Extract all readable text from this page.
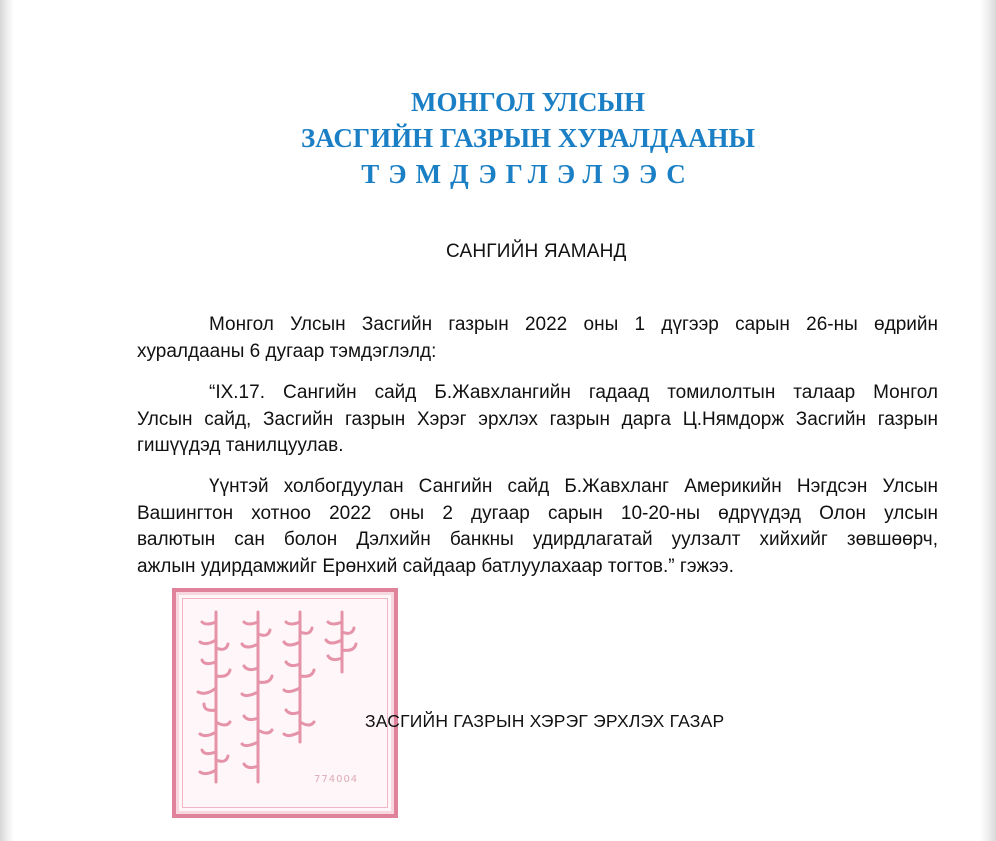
МОНГОЛ УЛСЫН
ЗАСГИЙН ГАЗРЫН ХУРАЛДААНЫ
ТЭМДЭГЛЭЛЭЭС
САНГИЙН ЯАМАНД
774004
ЗАСГИЙН ГАЗРЫН ХЭРЭГ ЭРХЛЭХ ГАЗАР
Монгол Улсын Засгийн газрын 2022 оны 1 дүгээр сарын 26-ны өдрийн
хуралдааны 6 дугаар тэмдэглэлд:
“IX.17. Сангийн сайд Б.Жавхлангийн гадаад томилолтын талаар Монгол
Улсын сайд, Засгийн газрын Хэрэг эрхлэх газрын дарга Ц.Нямдорж Засгийн газрын
гишүүдэд танилцуулав.
Үүнтэй холбогдуулан Сангийн сайд Б.Жавхланг Америкийн Нэгдсэн Улсын
Вашингтон хотноо 2022 оны 2 дугаар сарын 10-20-ны өдрүүдэд Олон улсын
валютын сан болон Дэлхийн банкны удирдлагатай уулзалт хийхийг зөвшөөрч,
ажлын удирдамжийг Ерөнхий сайдаар батлуулахаар тогтов.” гэжээ.
